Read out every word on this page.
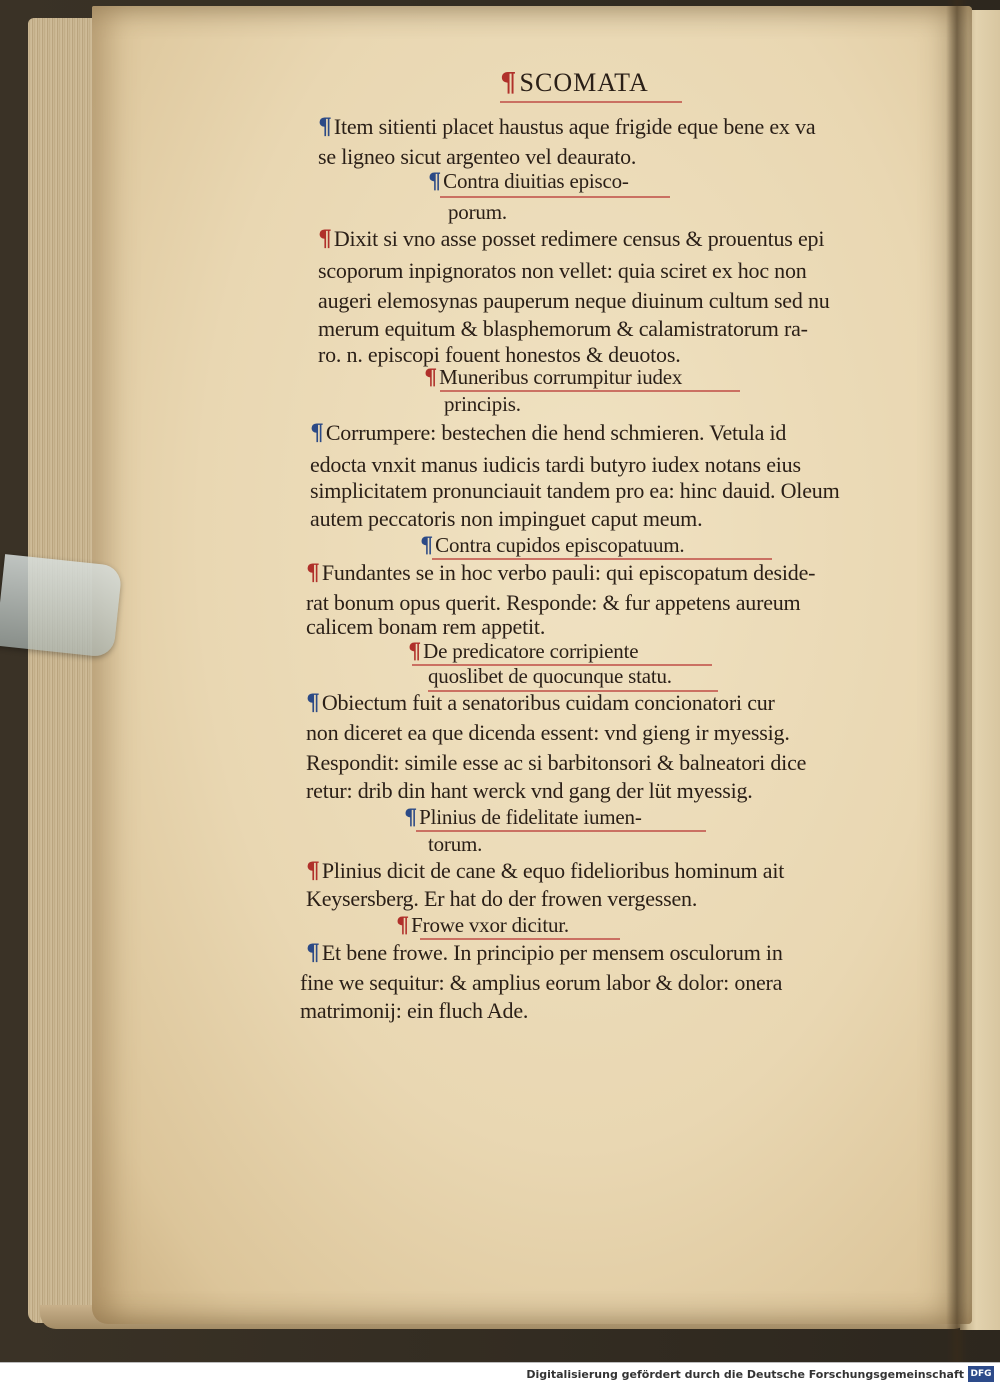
¶SCOMATA
¶Item sitienti placet haustus aque frigide eque bene ex va
se ligneo sicut argenteo vel deaurato.
¶Contra diuitias episco-
porum.
¶Dixit si vno asse posset redimere census & prouentus epi
scoporum inpignoratos non vellet: quia sciret ex hoc non
augeri elemosynas pauperum neque diuinum cultum sed nu
merum equitum & blasphemorum & calamistratorum ra-
ro. n. episcopi fouent honestos & deuotos.
¶Muneribus corrumpitur iudex
principis.
¶Corrumpere: bestechen die hend schmieren. Vetula id
edocta vnxit manus iudicis tardi butyro iudex notans eius
simplicitatem pronunciauit tandem pro ea: hinc dauid. Oleum
autem peccatoris non impinguet caput meum.
¶Contra cupidos episcopatuum.
¶Fundantes se in hoc verbo pauli: qui episcopatum deside-
rat bonum opus querit. Responde: & fur appetens aureum
calicem bonam rem appetit.
¶De predicatore corripiente
quoslibet de quocunque statu.
¶Obiectum fuit a senatoribus cuidam concionatori cur
non diceret ea que dicenda essent: vnd gieng ir myessig.
Respondit: simile esse ac si barbitonsori & balneatori dice
retur: drib din hant werck vnd gang der lüt myessig.
¶Plinius de fidelitate iumen-
torum.
¶Plinius dicit de cane & equo fidelioribus hominum ait
Keysersberg. Er hat do der frowen vergessen.
¶Frowe vxor dicitur.
¶Et bene frowe. In principio per mensem osculorum in
fine we sequitur: & amplius eorum labor & dolor: onera
matrimonij: ein fluch Ade.
Digitalisierung gefördert durch die Deutsche Forschungsgemeinschaft DFG
